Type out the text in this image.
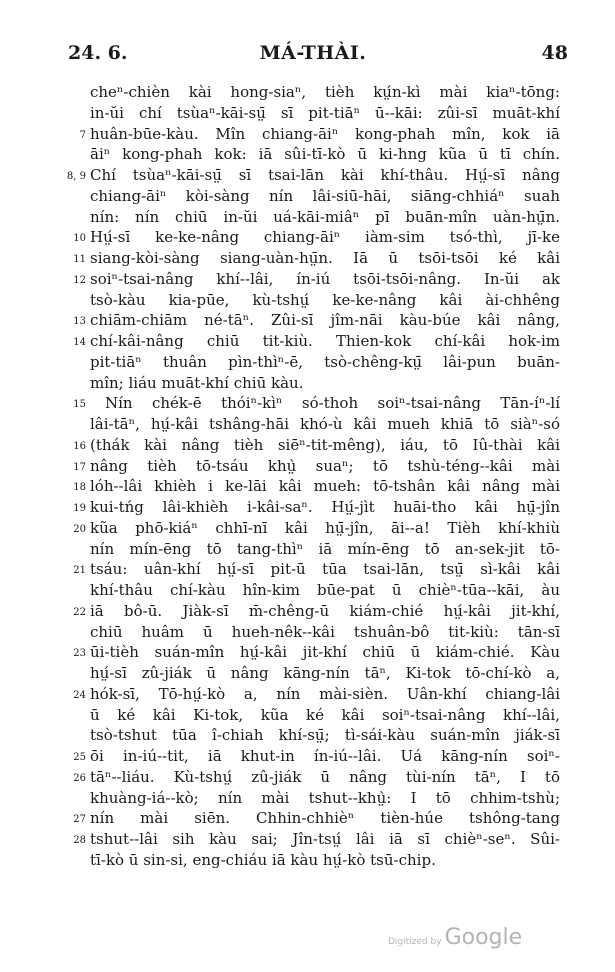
24. 6.	MÁ-THÀI.	48
cheⁿ-chièn kài hong-siaⁿ, tièh kṳ́n-kì mài kiaⁿ-tōng:
in-ŭi chí tsùaⁿ-kāi-sṳ̄ sī pit-tiāⁿ ū--kāi: zûi-sī muāt-khí
7 huân-būe-kàu. Mîn chiang-āiⁿ kong-phah mîn, kok iā
āiⁿ kong-phah kok: iā sûi-tī-kò ū ki-hng kũa ū tī chín.
8, 9 Chí tsùaⁿ-kāi-sṳ̄ sī tsai-lān kài khí-thâu. Hṳ́-sī nâng
chiang-āiⁿ kòi-sàng nín lâi-siū-hāi, siāng-chhiáⁿ suah
nín: nín chiū in-ŭi uá-kāi-miâⁿ pī buān-mîn uàn-hṳ̄n.
10 Hṳ́-sī ke-ke-nâng chiang-āiⁿ iàm-sim tsó-thì, jī-ke
11 siang-kòi-sàng siang-uàn-hṳ̄n. Iā ū tsōi-tsōi ké kâi
12 soiⁿ-tsai-nâng khí--lâi, ín-iú tsōi-tsōi-nâng. In-ŭi ak
tsò-kàu kia-pūe, kù-tshṳ́ ke-ke-nâng kâi ài-chhêng
13 chiām-chiām né-tāⁿ. Zûi-sī jîm-nāi kàu-búe kâi nâng,
14 chí-kâi-nâng chiū tit-kiù. Thien-kok chí-kâi hok-im
pit-tiāⁿ thuân pìn-thìⁿ-ē, tsò-chêng-kṳ̄ lâi-pun buān-
mîn; liáu muāt-khí chiū kàu.
15 Nín chék-ē thóiⁿ-kìⁿ só-thoh soiⁿ-tsai-nâng Tān-íⁿ-lí
lâi-tāⁿ, hṳ́-kâi tshâng-hāi khó-ù kâi mueh khiā tō siàⁿ-só
16 (thák kài nâng tièh siēⁿ-tit-mêng), iáu, tō Iû-thài kâi
17 nâng tièh tō-tsáu khṳ̀ suaⁿ; tō tshù-téng--kâi mài
18 lóh--lâi khièh i ke-lāi kâi mueh: tō-tshân kâi nâng mài
19 kui-tńg lâi-khièh i-kâi-saⁿ. Hṳ́-jìt huāi-tho kâi hṳ̄-jîn
20 kũa phō-kiáⁿ chhī-nī kâi hṳ̄-jîn, āi--a! Tièh khí-khiù
nín mín-ēng tō tang-thìⁿ iā mín-ēng tō an-sek-jit tō-
21 tsáu: uân-khí hṳ́-sī pit-ū tūa tsai-lān, tsṳ̄ sì-kâi kâi
khí-thâu chí-kàu hîn-kim būe-pat ū chièⁿ-tūa--kāi, àu
22 iā bô-ū. Jiàk-sī m̄-chêng-ū kiám-chié hṳ́-kâi jit-khí,
chiū huâm ū hueh-nêk--kâi tshuân-bô tit-kiù: tān-sī
23 ūi-tièh suán-mîn hṳ́-kâi jit-khí chiū ū kiám-chié. Kàu
hṳ́-sī zû-jiák ū nâng kāng-nín tāⁿ, Ki-tok tō-chí-kò a,
24 hók-sī, Tō-hṳ́-kò a, nín mài-sièn. Uân-khí chiang-lâi
ū ké kâi Ki-tok, kũa ké kâi soiⁿ-tsai-nâng khí--lâi,
tsò-tshut tūa î-chiah khí-sṳ̄; tì-sái-kàu suán-mîn jiák-sī
25 ōi in-iú--tit, iā khut-in ín-iú--lâi. Uá kāng-nín soiⁿ-
26 tāⁿ--liáu. Kù-tshṳ́ zû-jiák ū nâng tùi-nín tāⁿ, I tō
khuàng-iá--kò; nín mài tshut--khṳ̀: I tō chhim-tshù;
27 nín mài siēn. Chhin-chhièⁿ tièn-húe tshông-tang
28 tshut--lâi sih kàu sai; Jîn-tsṳ́ lâi iā sī chièⁿ-seⁿ. Sûi-
tī-kò ū sin-si, eng-chiáu iā kàu hṳ́-kò tsū-chip.
Digitized by Google
